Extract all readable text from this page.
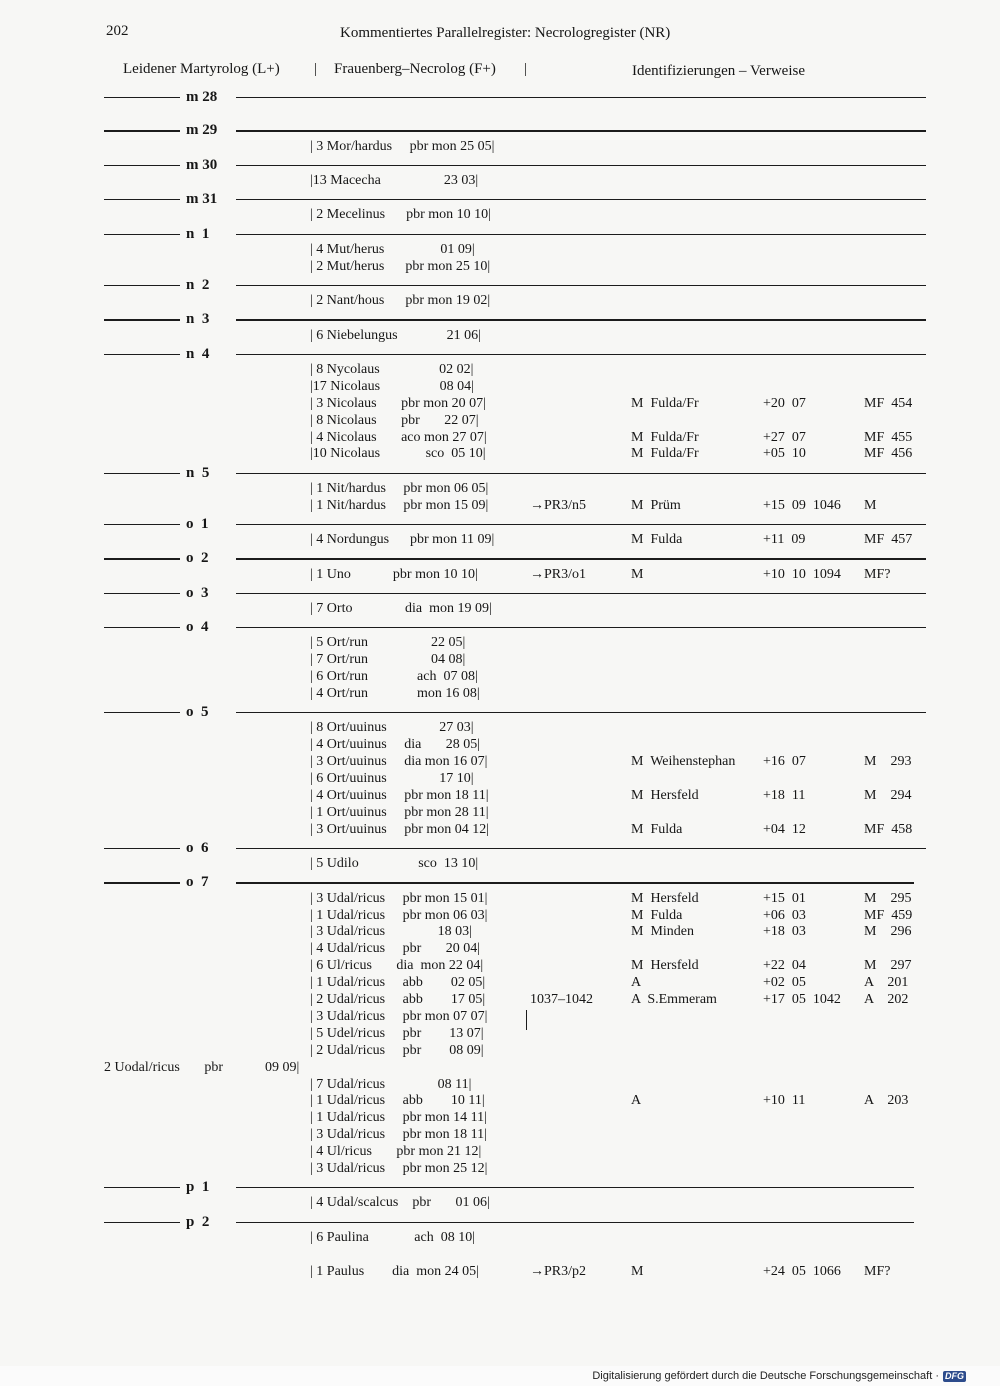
202	Kommentiertes Parallelregister: Necrologregister (NR)
Leidener Martyrolog (L+) | Frauenberg–Necrolog (F+) |	Identifizierungen – Verweise
m 28
m 29
| 3 Mor/hardus     pbr mon 25 05|
m 30
|13 Macecha                  23 03|
m 31
| 2 Mecelinus      pbr mon 10 10|
n  1
| 4 Mut/herus                01 09|
| 2 Mut/herus      pbr mon 25 10|
n  2
| 2 Nant/hous      pbr mon 19 02|
n  3
| 6 Niebelungus              21 06|
n  4
| 8 Nycolaus                 02 02|
|17 Nicolaus                 08 04|
| 3 Nicolaus       pbr mon 20 07|	M  Fulda/Fr	+20  07	MF  454
| 8 Nicolaus       pbr       22 07|
| 4 Nicolaus       aco mon 27 07|	M  Fulda/Fr	+27  07	MF  455
|10 Nicolaus             sco  05 10|	M  Fulda/Fr	+05  10	MF  456
n  5
| 1 Nit/hardus     pbr mon 06 05|
| 1 Nit/hardus     pbr mon 15 09|	→PR3/n5	M  Prüm	+15  09  1046 M
o  1
| 4 Nordungus      pbr mon 11 09|	M  Fulda	+11  09	MF  457
o  2
| 1 Uno            pbr mon 10 10|	→PR3/o1	M	+10  10  1094 MF?
o  3
| 7 Orto               dia  mon 19 09|
o  4
| 5 Ort/run                  22 05|
| 7 Ort/run                  04 08|
| 6 Ort/run              ach  07 08|
| 4 Ort/run              mon 16 08|
o  5
| 8 Ort/uuinus               27 03|
| 4 Ort/uuinus     dia       28 05|
| 3 Ort/uuinus     dia mon 16 07|	M  Weihenstephan +16  07	M    293
| 6 Ort/uuinus               17 10|
| 4 Ort/uuinus     pbr mon 18 11|	M  Hersfeld	+18  11	M    294
| 1 Ort/uuinus     pbr mon 28 11|
| 3 Ort/uuinus     pbr mon 04 12|	M  Fulda	+04  12	MF  458
o  6
| 5 Udilo                 sco  13 10|
o  7
| 3 Udal/ricus     pbr mon 15 01|	M  Hersfeld	+15  01	M    295
| 1 Udal/ricus     pbr mon 06 03|	M  Fulda	+06  03	MF  459
| 3 Udal/ricus               18 03|	M  Minden	+18  03	M    296
| 4 Udal/ricus     pbr       20 04|
| 6 Ul/ricus       dia  mon 22 04|	M  Hersfeld	+22  04	M    297
| 1 Udal/ricus     abb        02 05|	A	+02  05	A    201
| 2 Udal/ricus     abb        17 05|	1037–1042	A  S.Emmeram	+17  05  1042 A    202
| 3 Udal/ricus     pbr mon 07 07|
| 5 Udel/ricus     pbr        13 07|
| 2 Udal/ricus     pbr        08 09|
2 Uodal/ricus       pbr            09 09|
| 7 Udal/ricus               08 11|
| 1 Udal/ricus     abb        10 11|	A	+10  11	A    203
| 1 Udal/ricus     pbr mon 14 11|
| 3 Udal/ricus     pbr mon 18 11|
| 4 Ul/ricus       pbr mon 21 12|
| 3 Udal/ricus     pbr mon 25 12|
p  1
| 4 Udal/scalcus    pbr       01 06|
p  2
| 6 Paulina             ach  08 10|
| 1 Paulus        dia  mon 24 05|	→PR3/p2	M	+24  05  1066 MF?
Digitalisierung gefördert durch die Deutsche Forschungsgemeinschaft · DFG
